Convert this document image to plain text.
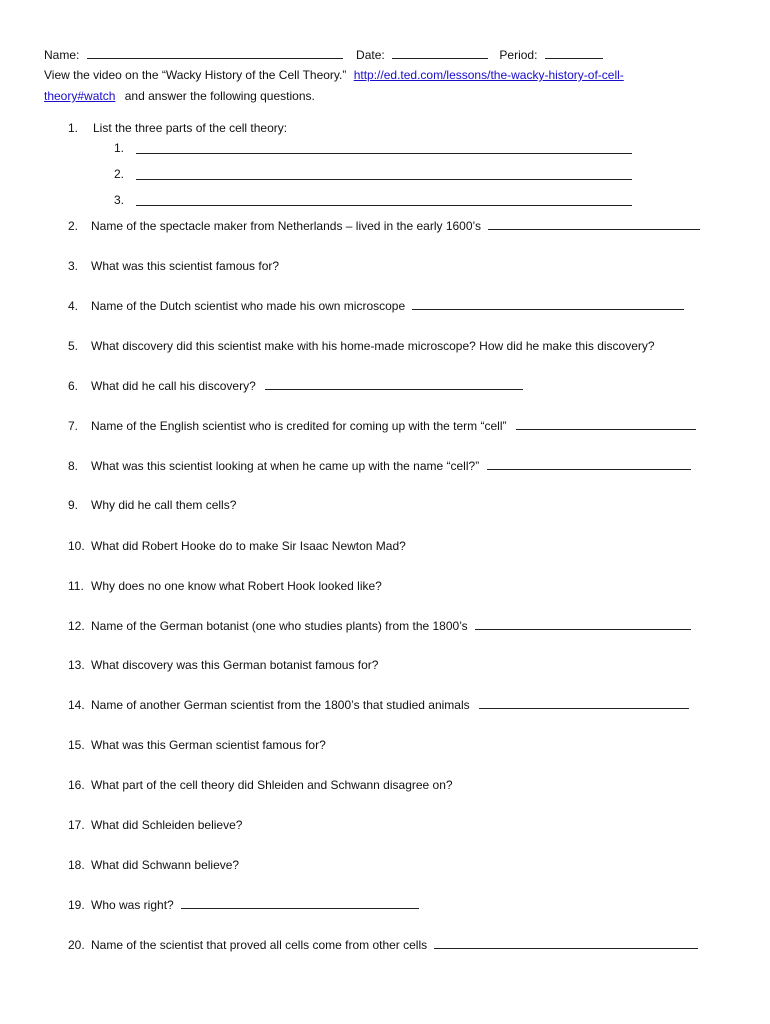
Name:	Date:	Period:
View the video on the “Wacky History of the Cell Theory.” http://ed.ted.com/lessons/the-wacky-history-of-cell-
theory#watch and answer the following questions.
1. List the three parts of the cell theory:
1.
2.
3.
2. Name of the spectacle maker from Netherlands – lived in the early 1600’s
3. What was this scientist famous for?
4. Name of the Dutch scientist who made his own microscope
5. What discovery did this scientist make with his home-made microscope? How did he make this discovery?
6. What did he call his discovery?
7. Name of the English scientist who is credited for coming up with the term “cell”
8. What was this scientist looking at when he came up with the name “cell?”
9. Why did he call them cells?
10. What did Robert Hooke do to make Sir Isaac Newton Mad?
11. Why does no one know what Robert Hook looked like?
12. Name of the German botanist (one who studies plants) from the 1800’s
13. What discovery was this German botanist famous for?
14. Name of another German scientist from the 1800’s that studied animals
15. What was this German scientist famous for?
16. What part of the cell theory did Shleiden and Schwann disagree on?
17. What did Schleiden believe?
18. What did Schwann believe?
19. Who was right?
20. Name of the scientist that proved all cells come from other cells
